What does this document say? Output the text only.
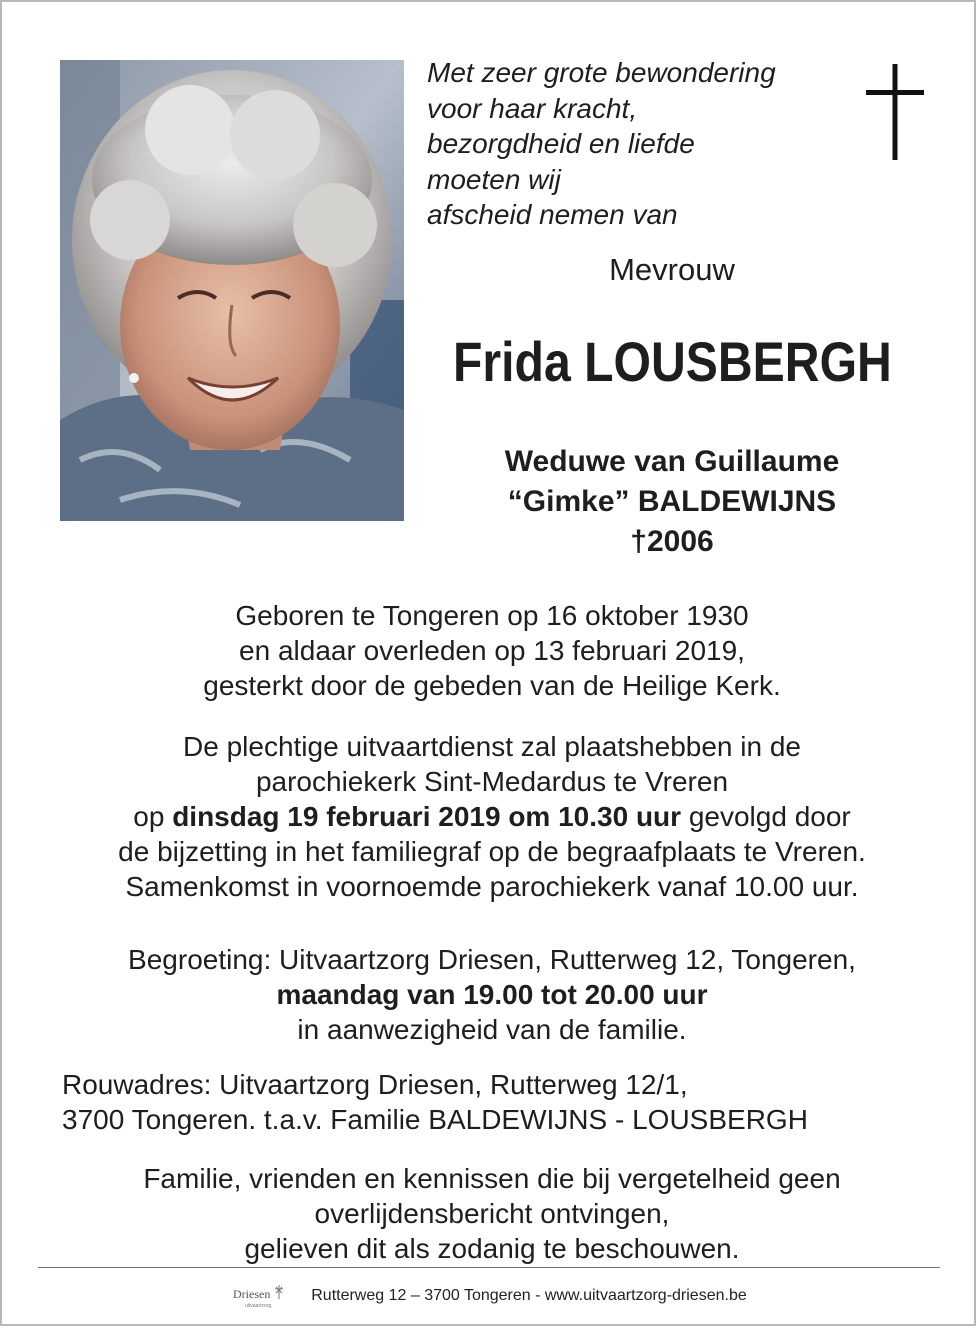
Met zeer grote bewondering
voor haar kracht,
bezorgdheid en liefde
moeten wij
afscheid nemen van
Mevrouw
Frida LOUSBERGH
Weduwe van Guillaume
“Gimke” BALDEWIJNS
†2006
Geboren te Tongeren op 16 oktober 1930
en aldaar overleden op 13 februari 2019,
gesterkt door de gebeden van de Heilige Kerk.
De plechtige uitvaartdienst zal plaatshebben in de
parochiekerk Sint-Medardus te Vreren
op dinsdag 19 februari 2019 om 10.30 uur gevolgd door
de bijzetting in het familiegraf op de begraafplaats te Vreren.
Samenkomst in voornoemde parochiekerk vanaf 10.00 uur.
Begroeting: Uitvaartzorg Driesen, Rutterweg 12, Tongeren,
maandag van 19.00 tot 20.00 uur
in aanwezigheid van de familie.
Rouwadres: Uitvaartzorg Driesen, Rutterweg 12/1,
3700 Tongeren. t.a.v. Familie BALDEWIJNS - LOUSBERGH
Familie, vrienden en kennissen die bij vergetelheid geen
overlijdensbericht ontvingen,
gelieven dit als zodanig te beschouwen.
Driesen
uitvaartzorg
Rutterweg 12 – 3700 Tongeren - www.uitvaartzorg-driesen.be
